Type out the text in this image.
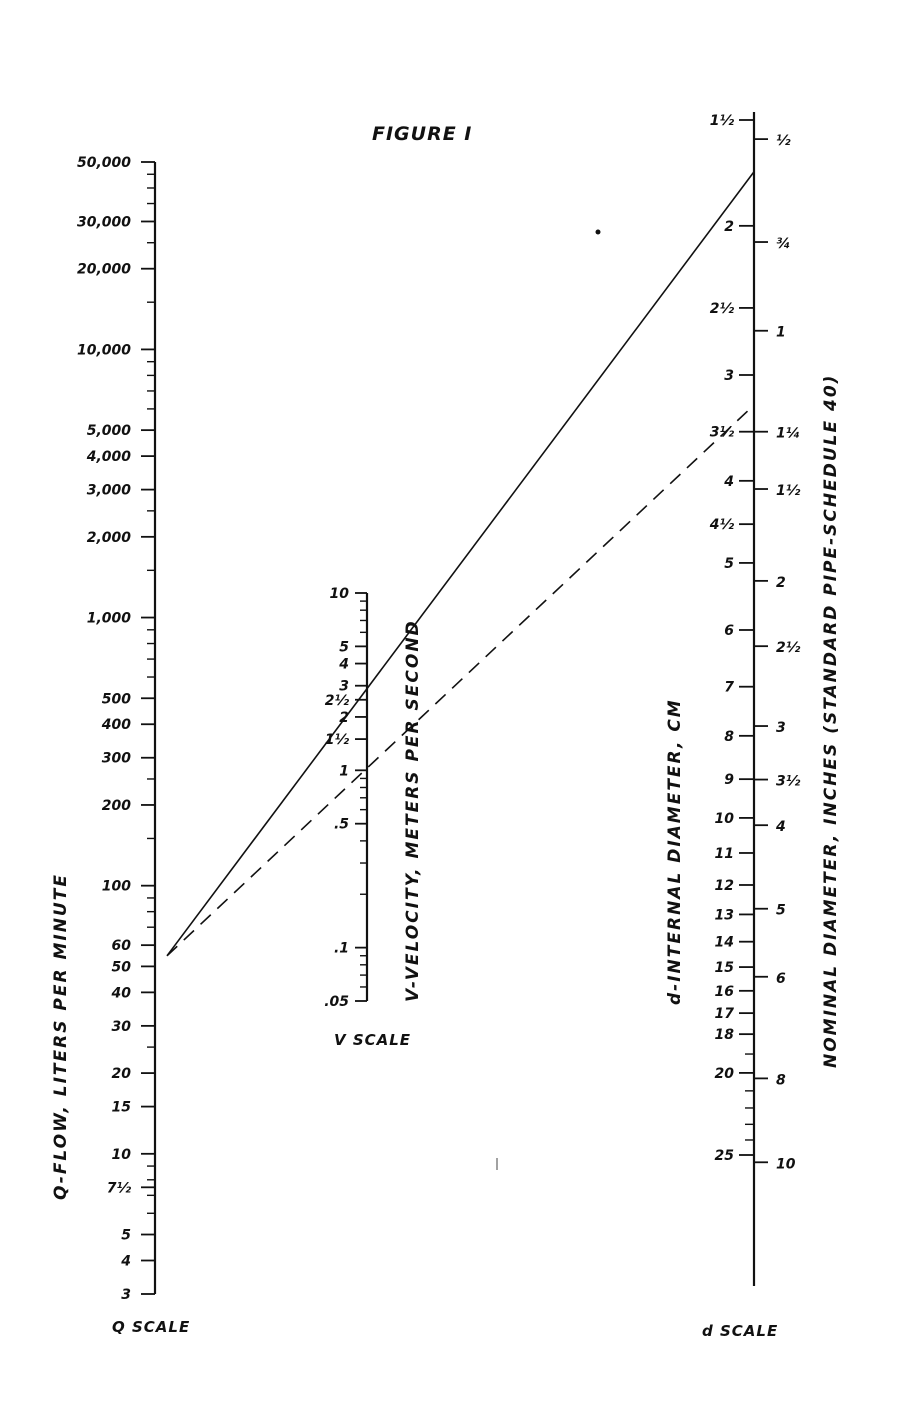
FIGURE I
50,000
30,000
20,000
10,000
5,000
4,000
3,000
2,000
1,000
500
400
300
200
100
60
50
40
30
20
15
10
7½
5
4
3
Q-FLOW, LITERS PER MINUTE
Q SCALE
10
5
4
3
2½
2
1½
1
.5
.1
.05	V-VELOCITY, METERS PER SECOND
V SCALE
1½
2
2½
3
3½
4
4½
5
6
7
8
9
10
11
12
13
14
15
16
17
18
20
25
½
¾
1
1¼
1½
2
2½
3
3½
4
5
6
8
10
d-INTERNAL DIAMETER, CM	NOMINAL DIAMETER, INCHES (STANDARD PIPE-SCHEDULE 40)
d SCALE
